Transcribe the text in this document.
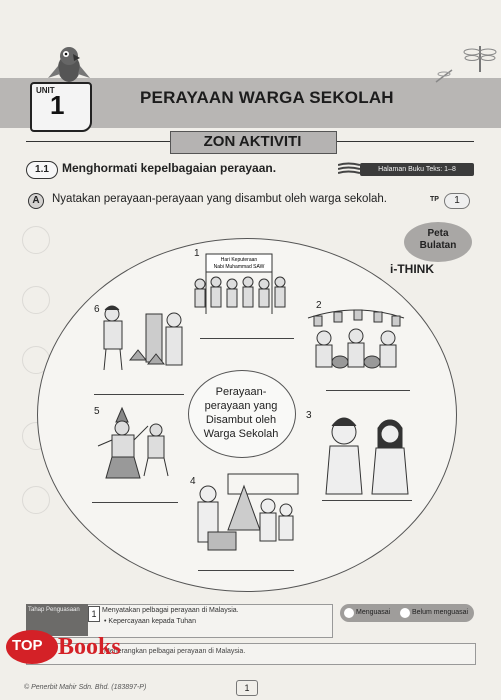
UNIT
1	PERAYAAN WARGA SEKOLAH
ZON AKTIVITI
1.1	Menghormati kepelbagaian perayaan.	Halaman Buku Teks: 1–8
A	Nyatakan perayaan-perayaan yang disambut oleh warga sekolah.	TP	1
Perayaan-
perayaan yang
Disambut oleh
Warga Sekolah
Peta
Bulatan
i-THINK
1
Hari Keputeraan
Nabi Muhammad SAW
2
3
4
5
6
Tahap Penguasaan	1 Menyatakan pelbagai perayaan di Malaysia.
• Kepercayaan kepada Tuhan
Menguasai	Belum menguasai
Menerangkan pelbagai perayaan di Malaysia.
TOP Books
© Penerbit Mahir Sdn. Bhd. (183897-P)	1
